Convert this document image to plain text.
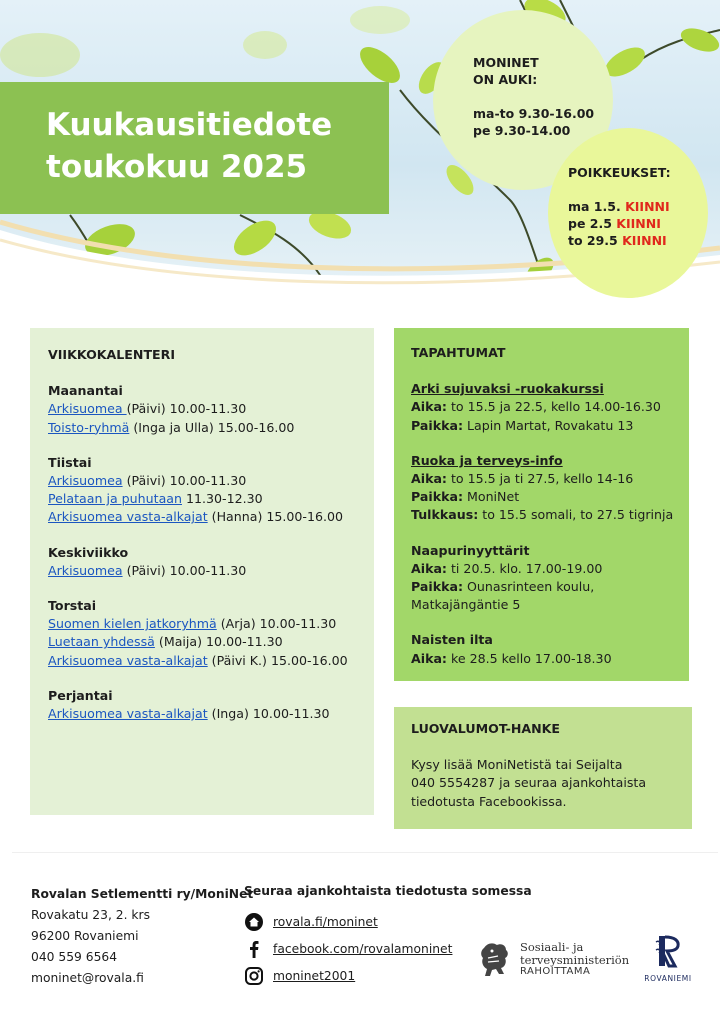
Kuukausitiedote
toukokuu 2025
MONINET
ON AUKI:
ma-to 9.30-16.00
pe 9.30-14.00
POIKKEUKSET:
ma 1.5. KIINNI
pe 2.5 KIINNI
to 29.5 KIINNI
VIIKKOKALENTERI
Maanantai
Arkisuomea (Päivi) 10.00-11.30
Toisto-ryhmä (Inga ja Ulla) 15.00-16.00
Tiistai
Arkisuomea (Päivi) 10.00-11.30
Pelataan ja puhutaan 11.30-12.30
Arkisuomea vasta-alkajat (Hanna) 15.00-16.00
Keskiviikko
Arkisuomea (Päivi) 10.00-11.30
Torstai
Suomen kielen jatkoryhmä (Arja) 10.00-11.30
Luetaan yhdessä (Maija) 10.00-11.30
Arkisuomea vasta-alkajat (Päivi K.) 15.00-16.00
Perjantai
Arkisuomea vasta-alkajat (Inga) 10.00-11.30
TAPAHTUMAT
Arki sujuvaksi -ruokakurssi
Aika: to 15.5 ja 22.5, kello 14.00-16.30
Paikka: Lapin Martat, Rovakatu 13
Ruoka ja terveys-info
Aika: to 15.5 ja ti 27.5, kello 14-16
Paikka: MoniNet
Tulkkaus: to 15.5 somali, to 27.5 tigrinja
Naapurinyyttärit
Aika: ti 20.5. klo. 17.00-19.00
Paikka: Ounasrinteen koulu, Matkajängäntie 5
Naisten ilta
Aika: ke 28.5 kello 17.00-18.30
LUOVALUMOT-HANKE
Kysy lisää MoniNetistä tai Seijalta
040 5554287 ja seuraa ajankohtaista
tiedotusta Facebookissa.
Rovalan Setlementti ry/MoniNet
Rovakatu 23, 2. krs
96200 Rovaniemi
040 559 6564
moninet@rovala.fi
Seuraa ajankohtaista tiedotusta somessa
rovala.fi/moninet
facebook.com/rovalamoninet
moninet2001
Sosiaali- ja
terveysministeriön
RAHOITTAMA
ROVANIEMI
